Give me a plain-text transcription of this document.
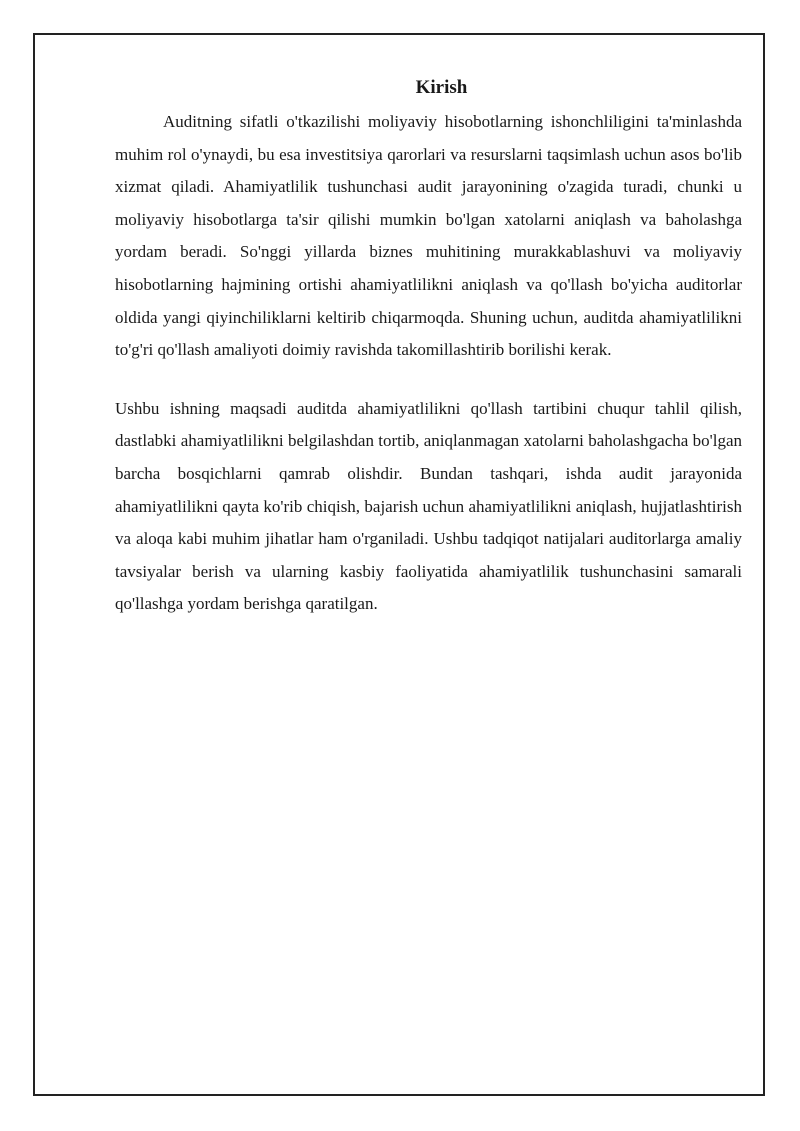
Kirish

Auditning sifatli o'tkazilishi moliyaviy hisobotlarning ishonchliligini ta'minlashda muhim rol o'ynaydi, bu esa investitsiya qarorlari va resurslarni taqsimlash uchun asos bo'lib xizmat qiladi. Ahamiyatlilik tushunchasi audit jarayonining o'zagida turadi, chunki u moliyaviy hisobotlarga ta'sir qilishi mumkin bo'lgan xatolarni aniqlash va baholashga yordam beradi. So'nggi yillarda biznes muhitining murakkablashuvi va moliyaviy hisobotlarning hajmining ortishi ahamiyatlilikni aniqlash va qo'llash bo'yicha auditorlar oldida yangi qiyinchiliklarni keltirib chiqarmoqda. Shuning uchun, auditda ahamiyatlilikni to'g'ri qo'llash amaliyoti doimiy ravishda takomillashtirib borilishi kerak.

Ushbu ishning maqsadi auditda ahamiyatlilikni qo'llash tartibini chuqur tahlil qilish, dastlabki ahamiyatlilikni belgilashdan tortib, aniqlanmagan xatolarni baholashgacha bo'lgan barcha bosqichlarni qamrab olishdir. Bundan tashqari, ishda audit jarayonida ahamiyatlilikni qayta ko'rib chiqish, bajarish uchun ahamiyatlilikni aniqlash, hujjatlashtirish va aloqa kabi muhim jihatlar ham o'rganiladi. Ushbu tadqiqot natijalari auditorlarga amaliy tavsiyalar berish va ularning kasbiy faoliyatida ahamiyatlilik tushunchasini samarali qo'llashga yordam berishga qaratilgan.
